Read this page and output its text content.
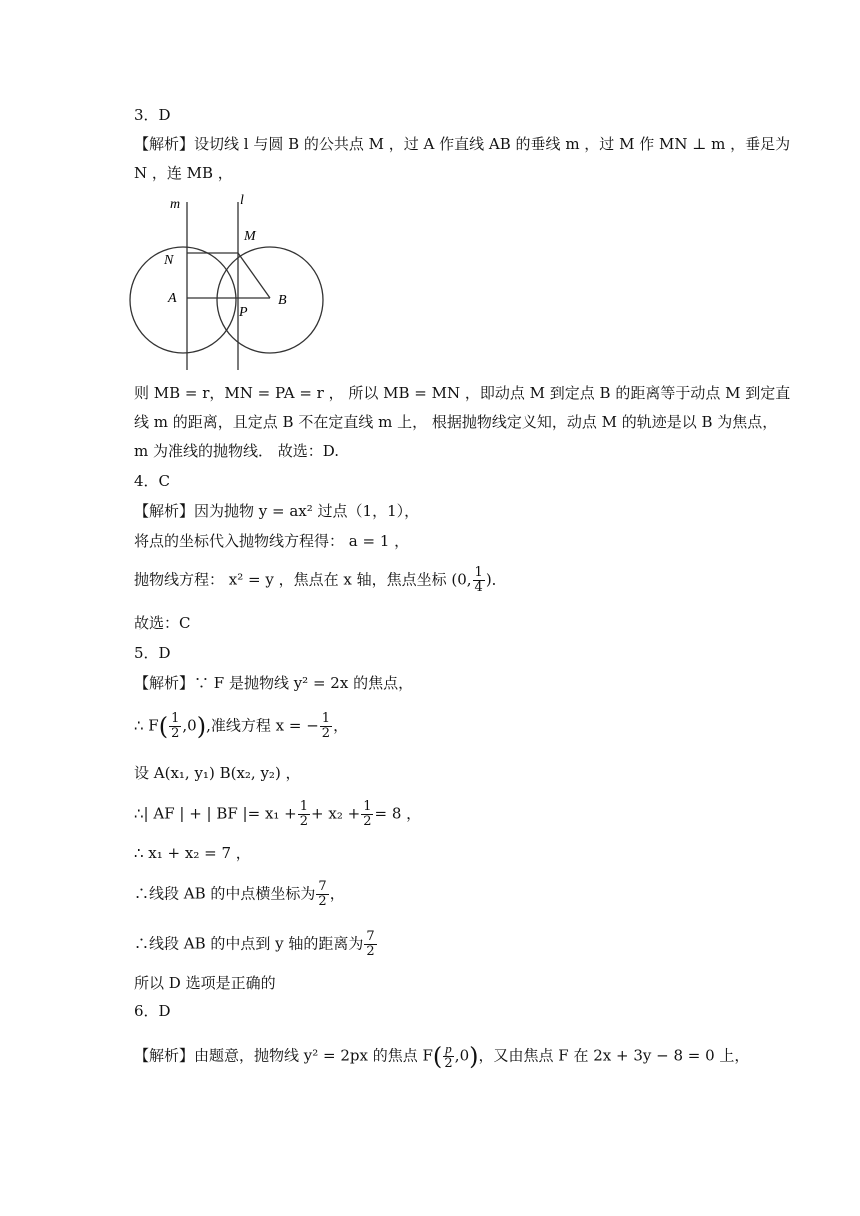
3．D
【解析】设切线 l 与圆 B 的公共点 M ，过 A 作直线 AB 的垂线 m ，过 M 作 MN ⊥ m ，垂足为
N ，连 MB ，
m	l
M
N
A	B
P
则 MB = r，MN = PA = r ， 所以 MB = MN ，即动点 M 到定点 B 的距离等于动点 M 到定直
线 m 的距离，且定点 B 不在定直线 m 上， 根据抛物线定义知，动点 M 的轨迹是以 B 为焦点，
m 为准线的抛物线． 故选：D.
4．C
【解析】因为抛物 y = ax² 过点（1，1），
将点的坐标代入抛物线方程得： a = 1 ，
抛物线方程： x² = y ，焦点在 x 轴，焦点坐标 (0, $\frac{1}{4}$ )．
故选：C
5．D
【解析】∵ F 是抛物线 y² = 2x 的焦点，
∴ $F( \frac{1}{2} ,0)$,准线方程 x = − $\frac{1}{2}$ ，
设 A(x₁, y₁) B(x₂, y₂) ，
∴| AF | + | BF |= $x_1 + \frac{1}{2} + x_2 + \frac{1}{2} = 8$ ，
∴ x₁ + x₂ = 7 ，
∴线段 AB 的中点横坐标为 $\frac{7}{2}$ ，
∴线段 AB 的中点到 y 轴的距离为 $\frac{7}{2}$
所以 D 选项是正确的
6．D
【解析】由题意，抛物线 y² = 2px 的焦点 $F( \frac{p}{2} ,0)$，又由焦点 F 在 2x + 3y − 8 = 0 上，
